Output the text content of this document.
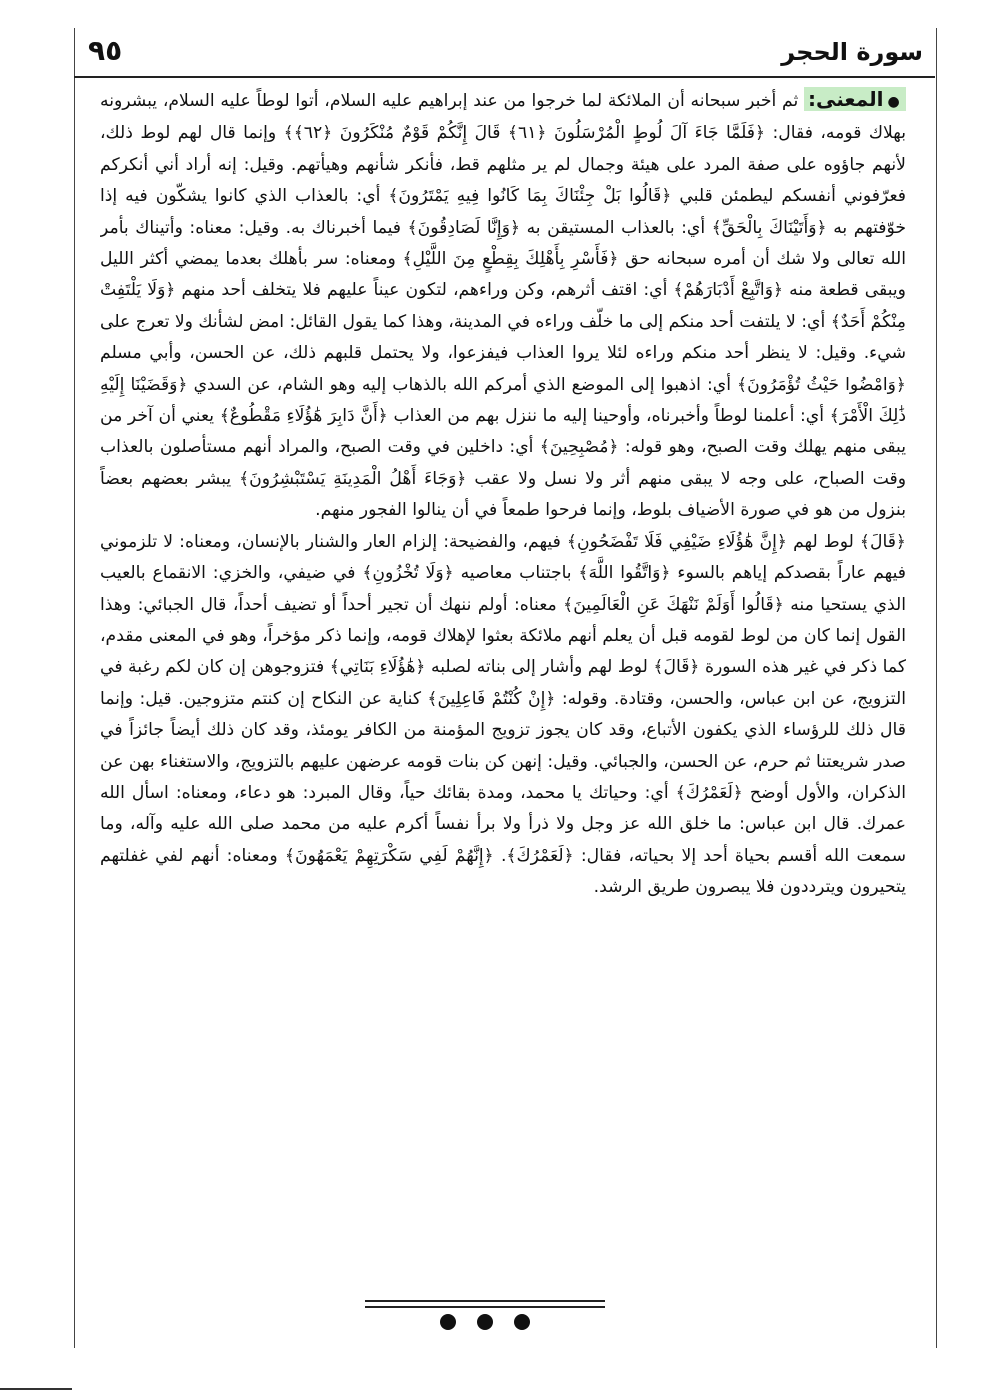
سورة الحجر
٩٥

●المعنى: ثم أخبر سبحانه أن الملائكة لما خرجوا من عند إبراهيم عليه السلام، أتوا لوطاً عليه السلام، يبشرونه بهلاك قومه، فقال: ﴿فَلَمَّا جَاءَ آلَ لُوطٍ الْمُرْسَلُونَ ﴿٦١﴾ قَالَ إِنَّكُمْ قَوْمٌ مُنْكَرُونَ ﴿٦٢﴾﴾ وإنما قال لهم لوط ذلك، لأنهم جاؤوه على صفة المرد على هيئة وجمال لم ير مثلهم قط، فأنكر شأنهم وهيأتهم. وقيل: إنه أراد أني أنكركم فعرّفوني أنفسكم ليطمئن قلبي ﴿قَالُوا بَلْ جِئْنَاكَ بِمَا كَانُوا فِيهِ يَمْتَرُونَ﴾ أي: بالعذاب الذي كانوا يشكّون فيه إذا خوّفتهم به ﴿وَأَتَيْنَاكَ بِالْحَقِّ﴾ أي: بالعذاب المستيقن به ﴿وَإِنَّا لَصَادِقُونَ﴾ فيما أخبرناك به. وقيل: معناه: وأتيناك بأمر الله تعالى ولا شك أن أمره سبحانه حق ﴿فَأَسْرِ بِأَهْلِكَ بِقِطْعٍ مِنَ اللَّيْلِ﴾ ومعناه: سر بأهلك بعدما يمضي أكثر الليل ويبقى قطعة منه ﴿وَاتَّبِعْ أَدْبَارَهُمْ﴾ أي: اقتف أثرهم، وكن وراءهم، لتكون عيناً عليهم فلا يتخلف أحد منهم ﴿وَلَا يَلْتَفِتْ مِنْكُمْ أَحَدٌ﴾ أي: لا يلتفت أحد منكم إلى ما خلّف وراءه في المدينة، وهذا كما يقول القائل: امض لشأنك ولا تعرج على شيء. وقيل: لا ينظر أحد منكم وراءه لئلا يروا العذاب فيفزعوا، ولا يحتمل قلبهم ذلك، عن الحسن، وأبي مسلم ﴿وَامْضُوا حَيْثُ تُؤْمَرُونَ﴾ أي: اذهبوا إلى الموضع الذي أمركم الله بالذهاب إليه وهو الشام، عن السدي ﴿وَقَضَيْنَا إِلَيْهِ ذَٰلِكَ الْأَمْرَ﴾ أي: أعلمنا لوطاً وأخبرناه، وأوحينا إليه ما ننزل بهم من العذاب ﴿أَنَّ دَابِرَ هَٰؤُلَاءِ مَقْطُوعٌ﴾ يعني أن آخر من يبقى منهم يهلك وقت الصبح، وهو قوله: ﴿مُصْبِحِينَ﴾ أي: داخلين في وقت الصبح، والمراد أنهم مستأصلون بالعذاب وقت الصباح، على وجه لا يبقى منهم أثر ولا نسل ولا عقب ﴿وَجَاءَ أَهْلُ الْمَدِينَةِ يَسْتَبْشِرُونَ﴾ يبشر بعضهم بعضاً بنزول من هو في صورة الأضياف بلوط، وإنما فرحوا طمعاً في أن ينالوا الفجور منهم.

﴿قَالَ﴾ لوط لهم ﴿إِنَّ هَٰؤُلَاءِ ضَيْفِي فَلَا تَفْضَحُونِ﴾ فيهم، والفضيحة: إلزام العار والشنار بالإنسان، ومعناه: لا تلزموني فيهم عاراً بقصدكم إياهم بالسوء ﴿وَاتَّقُوا اللَّهَ﴾ باجتناب معاصيه ﴿وَلَا تُخْزُونِ﴾ في ضيفي، والخزي: الانقماع بالعيب الذي يستحيا منه ﴿قَالُوا أَوَلَمْ نَنْهَكَ عَنِ الْعَالَمِينَ﴾ معناه: أولم ننهك أن تجير أحداً أو تضيف أحداً، قال الجبائي: وهذا القول إنما كان من لوط لقومه قبل أن يعلم أنهم ملائكة بعثوا لإهلاك قومه، وإنما ذكر مؤخراً، وهو في المعنى مقدم، كما ذكر في غير هذه السورة ﴿قَالَ﴾ لوط لهم وأشار إلى بناته لصلبه ﴿هَٰؤُلَاءِ بَنَاتِي﴾ فتزوجوهن إن كان لكم رغبة في التزويج، عن ابن عباس، والحسن، وقتادة. وقوله: ﴿إِنْ كُنْتُمْ فَاعِلِينَ﴾ كناية عن النكاح إن كنتم متزوجين. قيل: وإنما قال ذلك للرؤساء الذي يكفون الأتباع، وقد كان يجوز تزويج المؤمنة من الكافر يومئذ، وقد كان ذلك أيضاً جائزاً في صدر شريعتنا ثم حرم، عن الحسن، والجبائي. وقيل: إنهن كن بنات قومه عرضهن عليهم بالتزويج، والاستغناء بهن عن الذكران، والأول أوضح ﴿لَعَمْرُكَ﴾ أي: وحياتك يا محمد، ومدة بقائك حياً، وقال المبرد: هو دعاء، ومعناه: اسأل الله عمرك. قال ابن عباس: ما خلق الله عز وجل ولا ذرأ ولا برأ نفساً أكرم عليه من محمد صلى الله عليه وآله، وما سمعت الله أقسم بحياة أحد إلا بحياته، فقال: ﴿لَعَمْرُكَ﴾. ﴿إِنَّهُمْ لَفِي سَكْرَتِهِمْ يَعْمَهُونَ﴾ ومعناه: أنهم لفي غفلتهم يتحيرون ويترددون فلا يبصرون طريق الرشد.
